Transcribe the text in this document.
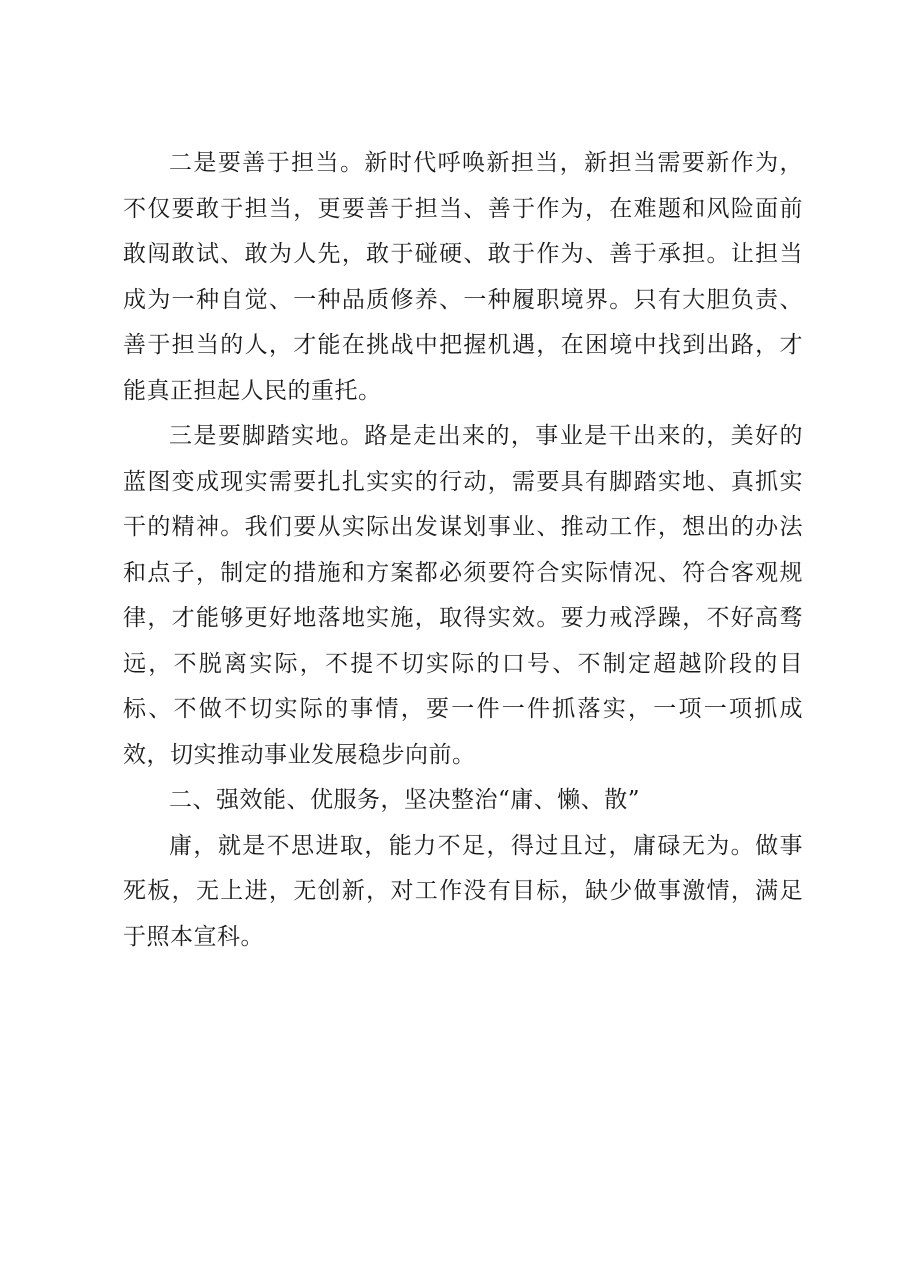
二是要善于担当。新时代呼唤新担当，新担当需要新作为，不仅要敢于担当，更要善于担当、善于作为，在难题和风险面前敢闯敢试、敢为人先，敢于碰硬、敢于作为、善于承担。让担当成为一种自觉、一种品质修养、一种履职境界。只有大胆负责、善于担当的人，才能在挑战中把握机遇，在困境中找到出路，才能真正担起人民的重托。

三是要脚踏实地。路是走出来的，事业是干出来的，美好的蓝图变成现实需要扎扎实实的行动，需要具有脚踏实地、真抓实干的精神。我们要从实际出发谋划事业、推动工作，想出的办法和点子，制定的措施和方案都必须要符合实际情况、符合客观规律，才能够更好地落地实施，取得实效。要力戒浮躁，不好高骛远，不脱离实际，不提不切实际的口号、不制定超越阶段的目标、不做不切实际的事情，要一件一件抓落实，一项一项抓成效，切实推动事业发展稳步向前。

二、强效能、优服务，坚决整治“庸、懒、散”

庸，就是不思进取，能力不足，得过且过，庸碌无为。做事死板，无上进，无创新，对工作没有目标，缺少做事激情，满足于照本宣科。
